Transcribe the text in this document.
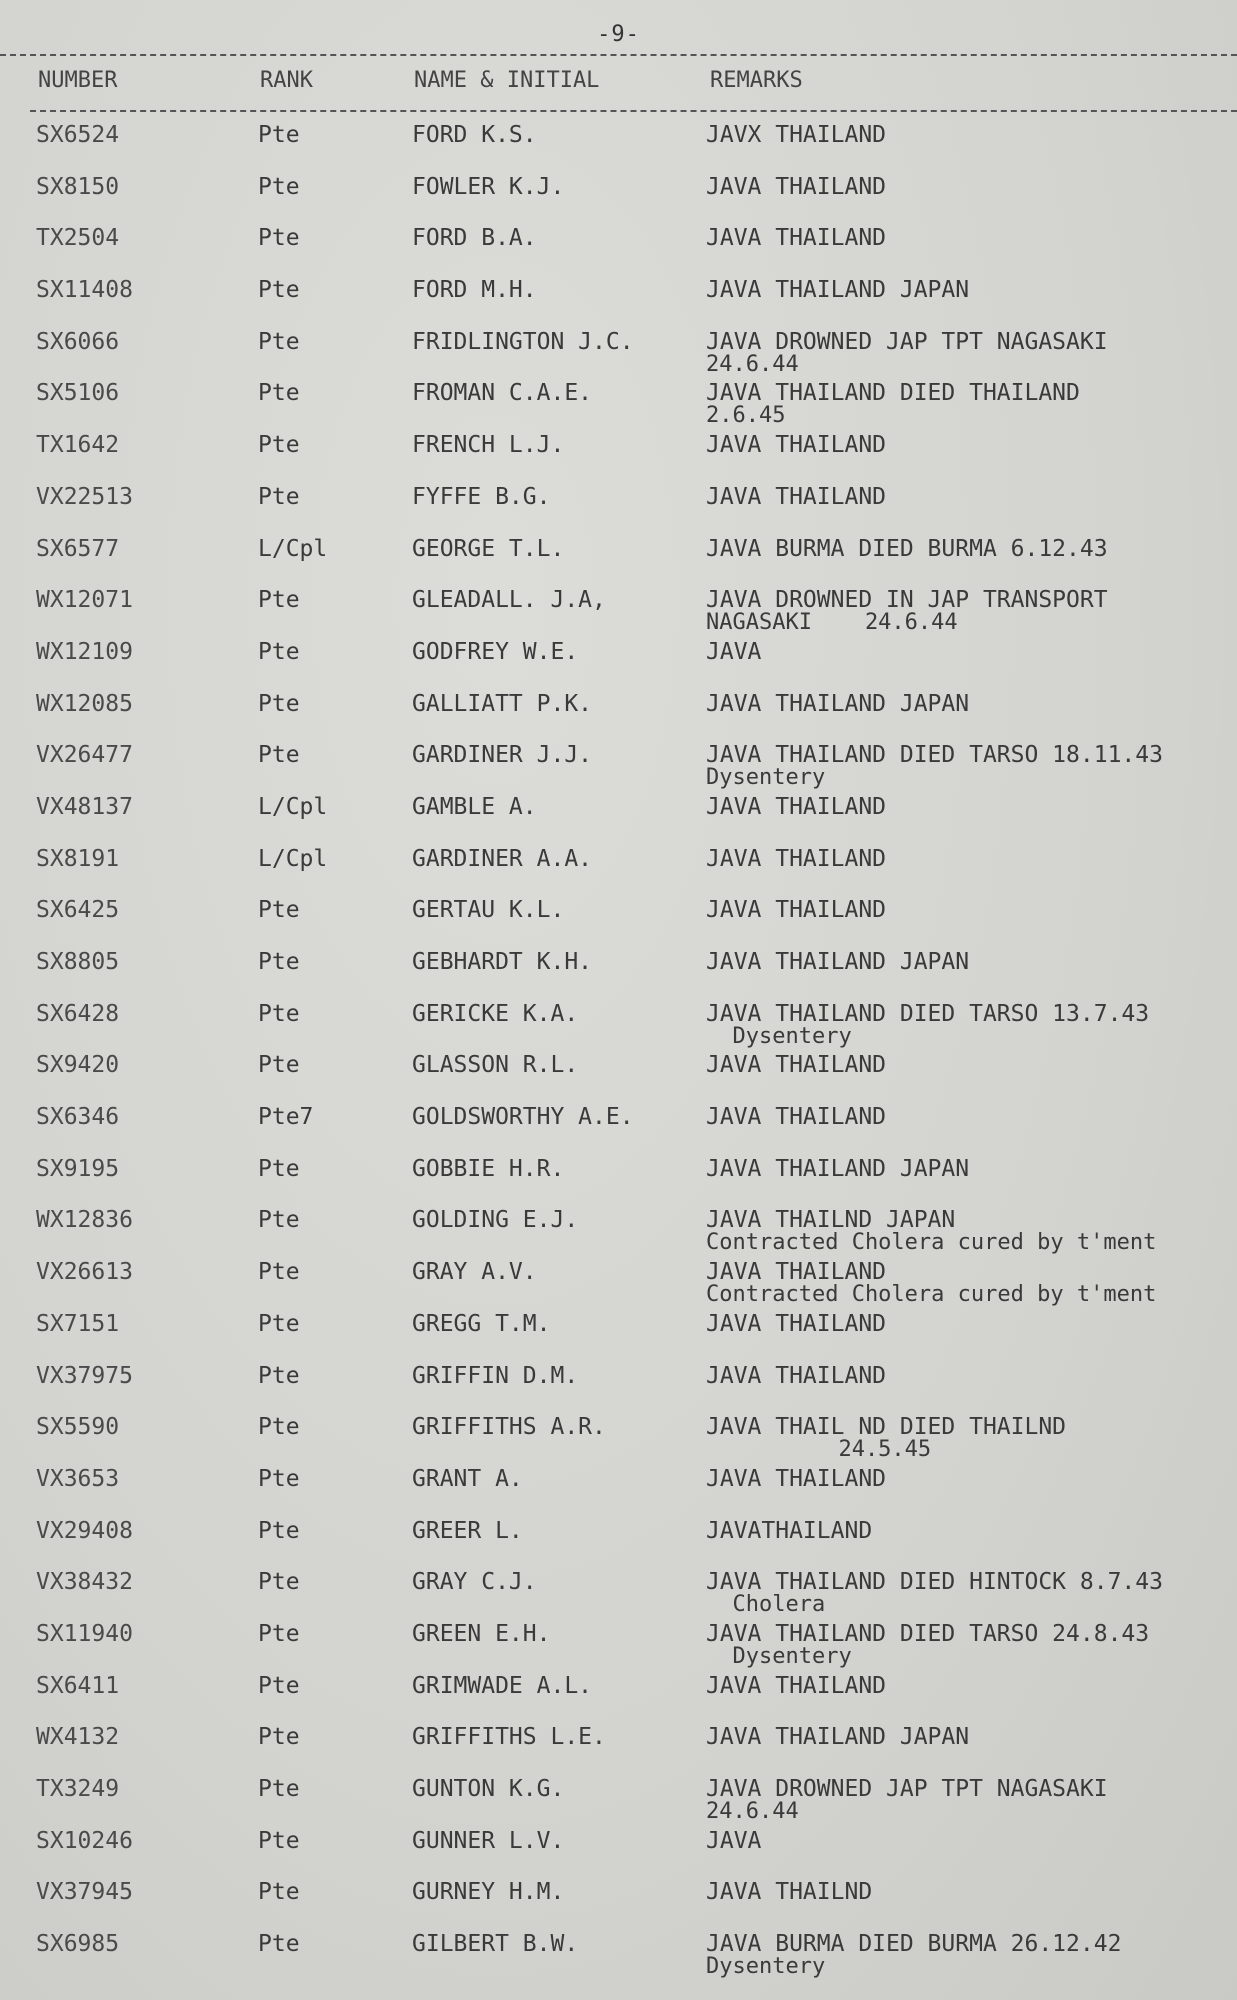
-9-
NUMBER	RANK	NAME & INITIAL	REMARKS
SX6524	Pte	FORD K.S.	JAVX THAILAND
SX8150	Pte	FOWLER K.J.	JAVA THAILAND
TX2504	Pte	FORD B.A.	JAVA THAILAND
SX11408	Pte	FORD M.H.	JAVA THAILAND JAPAN
SX6066	Pte	FRIDLINGTON J.C.	JAVA DROWNED JAP TPT NAGASAKI
24.6.44
SX5106	Pte	FROMAN C.A.E.	JAVA THAILAND DIED THAILAND
2.6.45
TX1642	Pte	FRENCH L.J.	JAVA THAILAND
VX22513	Pte	FYFFE B.G.	JAVA THAILAND
SX6577	L/Cpl	GEORGE T.L.	JAVA BURMA DIED BURMA 6.12.43
WX12071	Pte	GLEADALL. J.A,	JAVA DROWNED IN JAP TRANSPORT
NAGASAKI    24.6.44
WX12109	Pte	GODFREY W.E.	JAVA
WX12085	Pte	GALLIATT P.K.	JAVA THAILAND JAPAN
VX26477	Pte	GARDINER J.J.	JAVA THAILAND DIED TARSO 18.11.43
Dysentery
VX48137	L/Cpl	GAMBLE A.	JAVA THAILAND
SX8191	L/Cpl	GARDINER A.A.	JAVA THAILAND
SX6425	Pte	GERTAU K.L.	JAVA THAILAND
SX8805	Pte	GEBHARDT K.H.	JAVA THAILAND JAPAN
SX6428	Pte	GERICKE K.A.	JAVA THAILAND DIED TARSO 13.7.43
Dysentery
SX9420	Pte	GLASSON R.L.	JAVA THAILAND
SX6346	Pte7	GOLDSWORTHY A.E.	JAVA THAILAND
SX9195	Pte	GOBBIE H.R.	JAVA THAILAND JAPAN
WX12836	Pte	GOLDING E.J.	JAVA THAILND JAPAN
Contracted Cholera cured by t'ment
VX26613	Pte	GRAY A.V.	JAVA THAILAND
Contracted Cholera cured by t'ment
SX7151	Pte	GREGG T.M.	JAVA THAILAND
VX37975	Pte	GRIFFIN D.M.	JAVA THAILAND
SX5590	Pte	GRIFFITHS A.R.	JAVA THAIL ND DIED THAILND
24.5.45
VX3653	Pte	GRANT A.	JAVA THAILAND
VX29408	Pte	GREER L.	JAVATHAILAND
VX38432	Pte	GRAY C.J.	JAVA THAILAND DIED HINTOCK 8.7.43
Cholera
SX11940	Pte	GREEN E.H.	JAVA THAILAND DIED TARSO 24.8.43
Dysentery
SX6411	Pte	GRIMWADE A.L.	JAVA THAILAND
WX4132	Pte	GRIFFITHS L.E.	JAVA THAILAND JAPAN
TX3249	Pte	GUNTON K.G.	JAVA DROWNED JAP TPT NAGASAKI
24.6.44
SX10246	Pte	GUNNER L.V.	JAVA
VX37945	Pte	GURNEY H.M.	JAVA THAILND
SX6985	Pte	GILBERT B.W.	JAVA BURMA DIED BURMA 26.12.42
Dysentery
